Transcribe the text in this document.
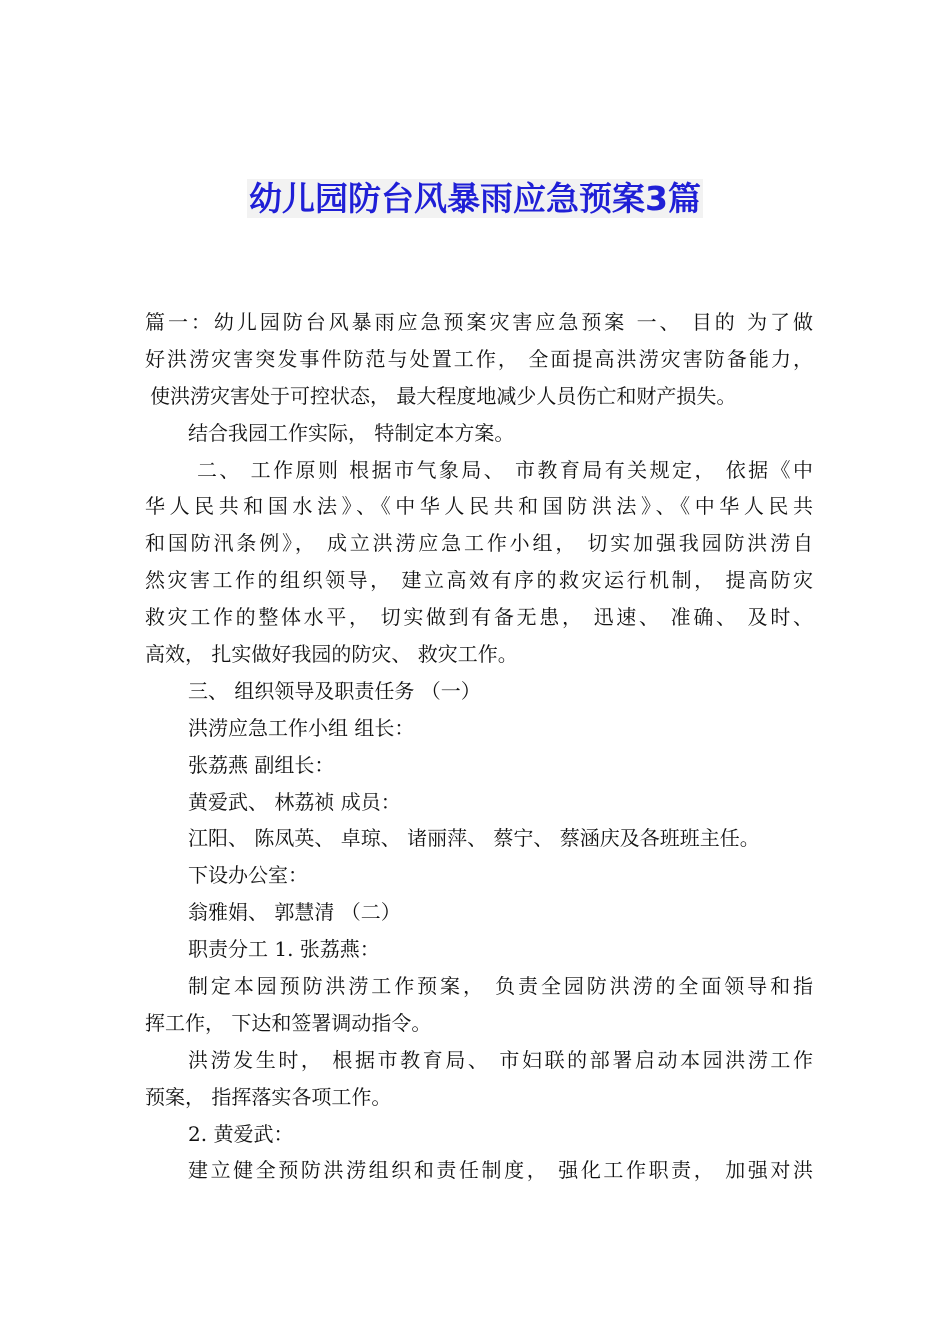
幼儿园防台风暴雨应急预案3篇
篇一：幼儿园防台风暴雨应急预案灾害应急预案 一、 目的 为了做
好洪涝灾害突发事件防范与处置工作， 全面提高洪涝灾害防备能力，
使洪涝灾害处于可控状态， 最大程度地减少人员伤亡和财产损失。
结合我园工作实际， 特制定本方案。
二、 工作原则 根据市气象局、 市教育局有关规定， 依据《中
华人民共和国水法》、《中华人民共和国防洪法》、《中华人民共
和国防汛条例》， 成立洪涝应急工作小组， 切实加强我园防洪涝自
然灾害工作的组织领导， 建立高效有序的救灾运行机制， 提高防灾
救灾工作的整体水平， 切实做到有备无患， 迅速、 准确、 及时、
高效， 扎实做好我园的防灾、 救灾工作。
三、 组织领导及职责任务 （一）
洪涝应急工作小组 组长：
张荔燕 副组长：
黄爱武、 林荔祯 成员：
江阳、 陈凤英、 卓琼、 诸丽萍、 蔡宁、 蔡涵庆及各班班主任。
下设办公室：
翁雅娟、 郭慧清 （二）
职责分工 1. 张荔燕：
制定本园预防洪涝工作预案， 负责全园防洪涝的全面领导和指
挥工作， 下达和签署调动指令。
洪涝发生时， 根据市教育局、 市妇联的部署启动本园洪涝工作
预案， 指挥落实各项工作。
2. 黄爱武：
建立健全预防洪涝组织和责任制度， 强化工作职责， 加强对洪
